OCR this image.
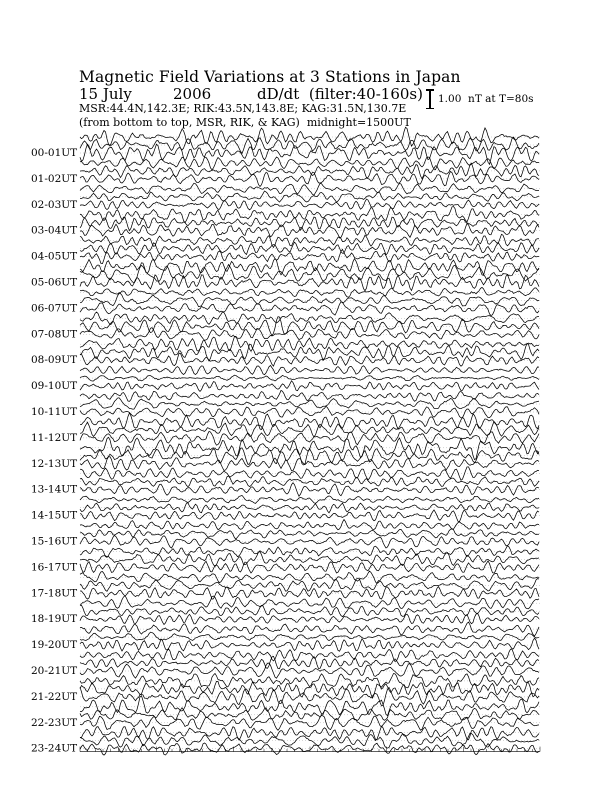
Magnetic Field Variations at 3 Stations in Japan

15 July

	2006

	dD/dt  (filter:40-160s)

MSR:44.4N,142.3E; RIK:43.5N,143.8E; KAG:31.5N,130.7E
(from bottom to top, MSR, RIK, & KAG)  midnight=1500UT
1.00  nT at T=80s
00-01UT
01-02UT
02-03UT
03-04UT
04-05UT
05-06UT
06-07UT
07-08UT
08-09UT
09-10UT
10-11UT
11-12UT
12-13UT
13-14UT
14-15UT
15-16UT
16-17UT
17-18UT
18-19UT
19-20UT
20-21UT
21-22UT
22-23UT
23-24UT
